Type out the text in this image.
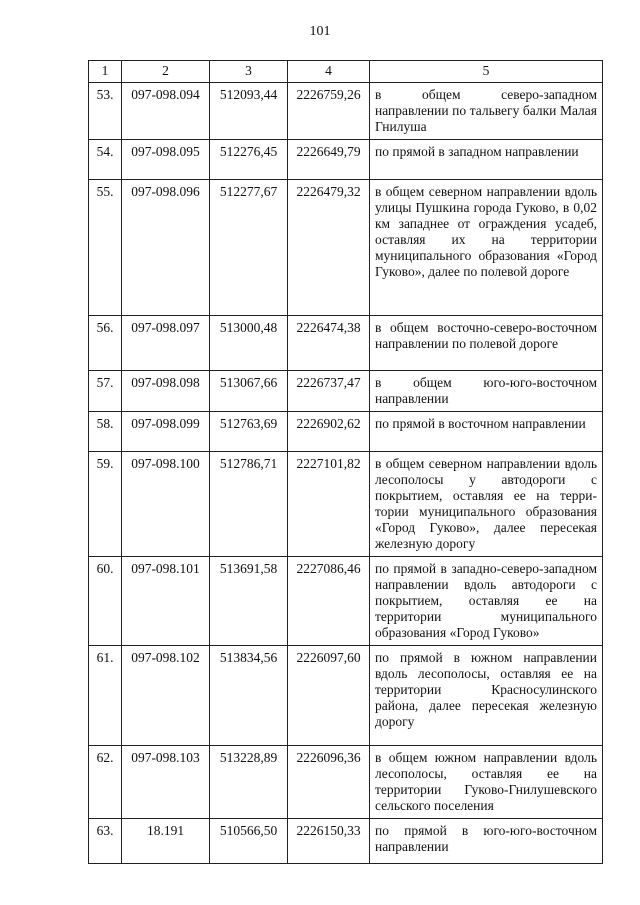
101
1	2	3	4	5
53.	097-098.094	512093,44	2226759,26	в общем северо-западном направлении по тальвегу балки Малая Гнилуша
54.	097-098.095	512276,45	2226649,79	по прямой в западном направлении
55.	097-098.096	512277,67	2226479,32	в общем северном направлении вдоль улицы Пушкина города Гуково, в 0,02 км западнее от ограждения усадеб, оставляя их на территории муниципального образования «Город Гуково», далее по полевой дороге
56.	097-098.097	513000,48	2226474,38	в общем восточно-северо-восточном направлении по полевой дороге
57.	097-098.098	513067,66	2226737,47	в общем юго-юго-восточном направлении
58.	097-098.099	512763,69	2226902,62	по прямой в восточном направлении
59.	097-098.100	512786,71	2227101,82	в общем северном направлении вдоль лесополосы у автодороги с покрытием, оставляя ее на территории муниципального образования «Город Гуково», далее пересекая железную дорогу
60.	097-098.101	513691,58	2227086,46	по прямой в западно-северо-западном направлении вдоль автодороги с покрытием, оставляя ее на территории муниципального образования «Город Гуково»
61.	097-098.102	513834,56	2226097,60	по прямой в южном направлении вдоль лесополосы, оставляя ее на территории Красносулинского района, далее пересекая железную дорогу
62.	097-098.103	513228,89	2226096,36	в общем южном направлении вдоль лесополосы, оставляя ее на территории Гуково-Гнилушевского сельского поселения
63.	18.191	510566,50	2226150,33	по прямой в юго-юго-восточном направлении
